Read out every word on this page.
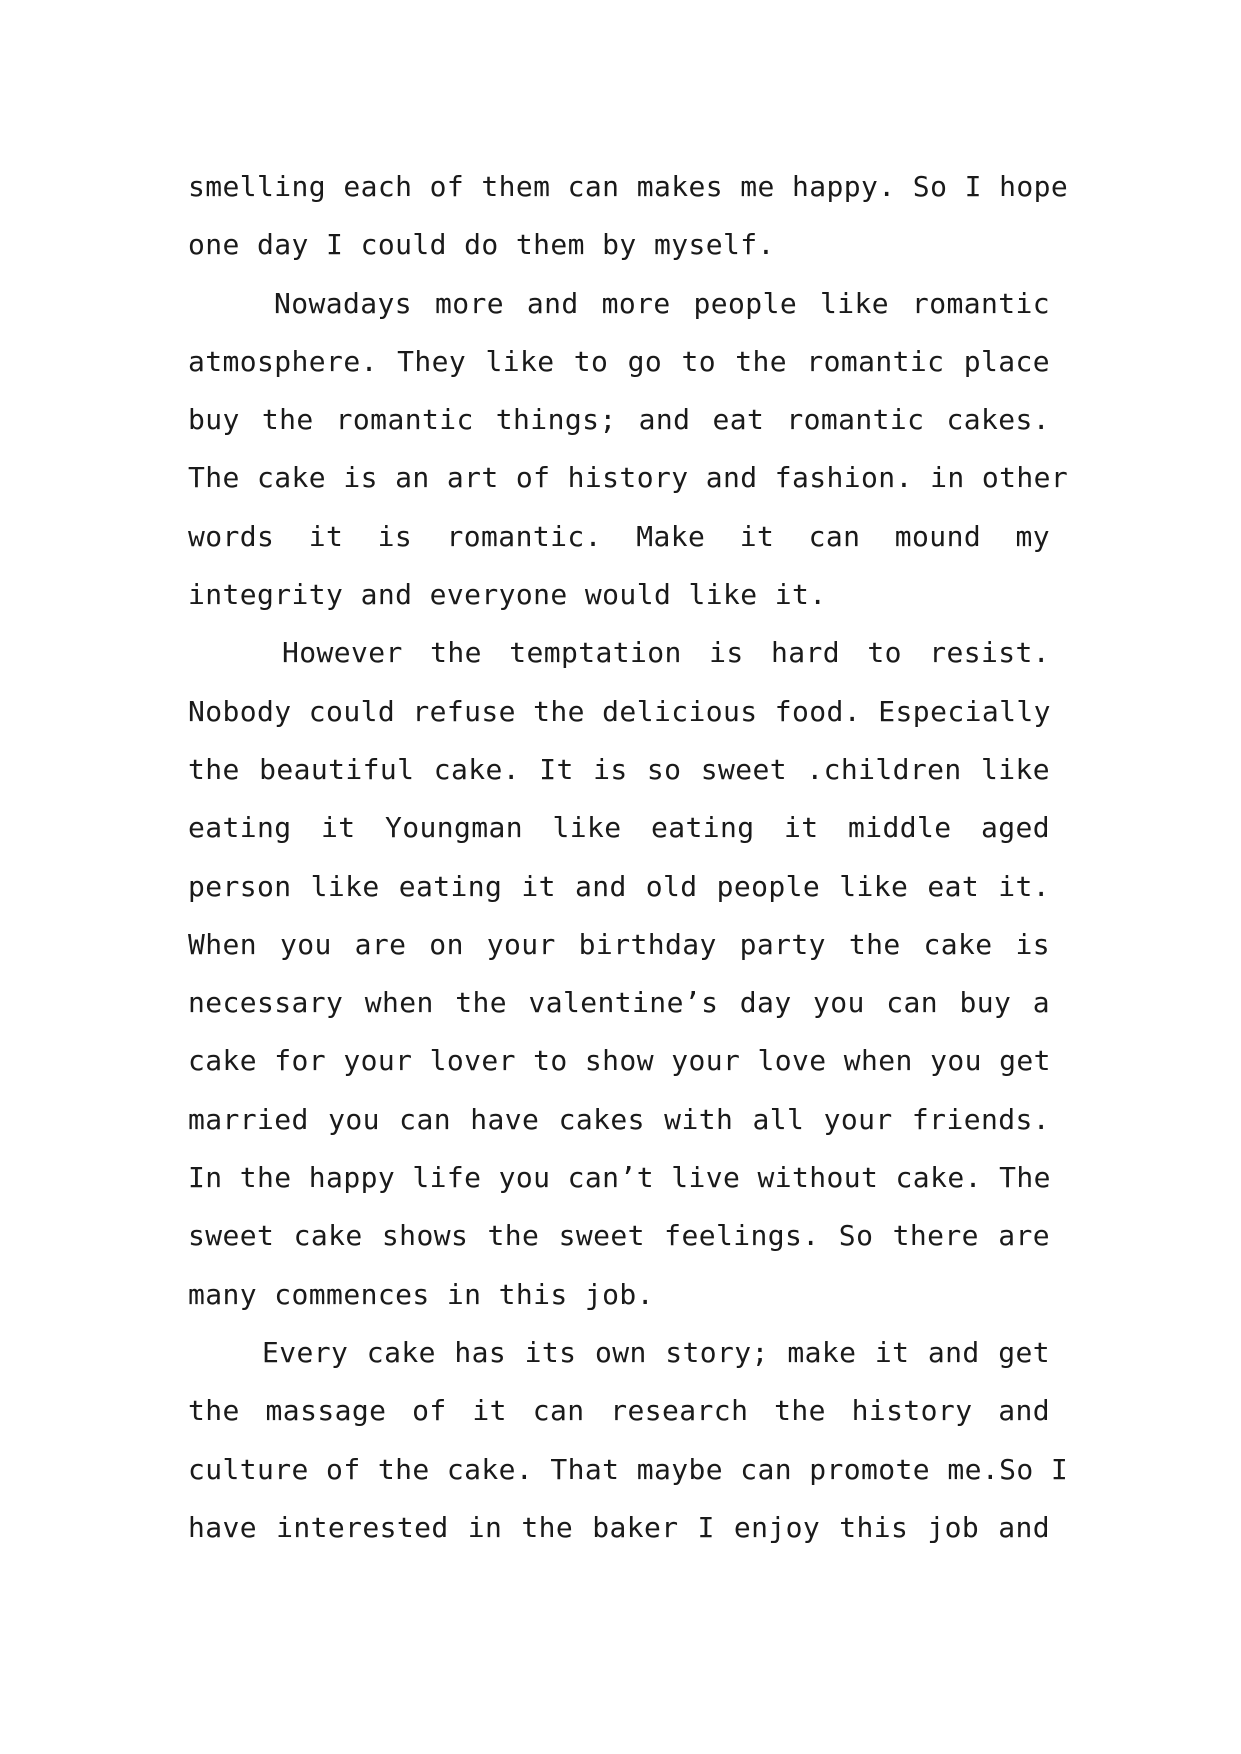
smelling each of them can makes me happy. So I hope
one day I could do them by myself.
Nowadays more and more people like romantic
atmosphere. They like to go to the romantic place
buy the romantic things; and eat romantic cakes.
The cake is an art of history and fashion. in other
words it is romantic. Make it can mound my
integrity and everyone would like it.
However the temptation is hard to resist.
Nobody could refuse the delicious food. Especially
the beautiful cake. It is so sweet .children like
eating it Youngman like eating it middle aged
person like eating it and old people like eat it.
When you are on your birthday party the cake is
necessary when the valentine’s day you can buy a
cake for your lover to show your love when you get
married you can have cakes with all your friends.
In the happy life you can’t live without cake. The
sweet cake shows the sweet feelings. So there are
many commences in this job.
Every cake has its own story; make it and get
the massage of it can research the history and
culture of the cake. That maybe can promote me.So I
have interested in the baker I enjoy this job and
